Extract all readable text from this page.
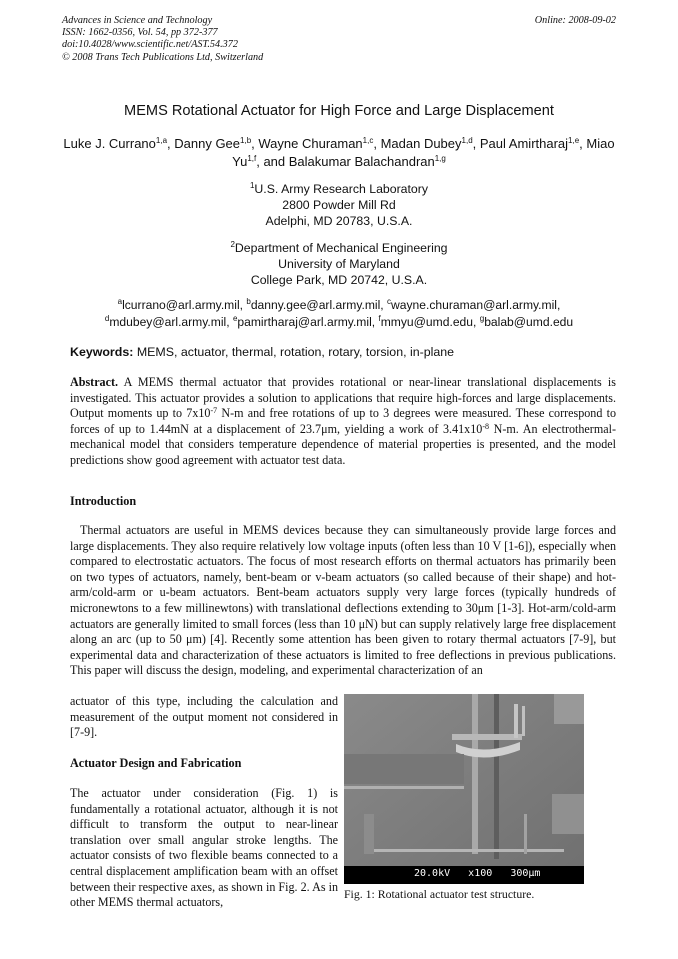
Advances in Science and Technology
ISSN: 1662-0356, Vol. 54, pp 372-377
doi:10.4028/www.scientific.net/AST.54.372
© 2008 Trans Tech Publications Ltd, Switzerland
Online: 2008-09-02
MEMS Rotational Actuator for High Force and Large Displacement
Luke J. Currano$^{1,a}$, Danny Gee$^{1,b}$, Wayne Churaman$^{1,c}$, Madan Dubey$^{1,d}$, Paul Amirtharaj$^{1,e}$, Miao Yu$^{1,f}$, and Balakumar Balachandran$^{1,g}$
$^1$U.S. Army Research Laboratory
2800 Powder Mill Rd
Adelphi, MD 20783, U.S.A.
$^2$Department of Mechanical Engineering
University of Maryland
College Park, MD 20742, U.S.A.
$^a$lcurrano@arl.army.mil, $^b$danny.gee@arl.army.mil, $^c$wayne.churaman@arl.army.mil,
$^d$mdubey@arl.army.mil, $^e$pamirtharaj@arl.army.mil, $^f$mmyu@umd.edu, $^g$balab@umd.edu
Keywords: MEMS, actuator, thermal, rotation, rotary, torsion, in-plane
Abstract. A MEMS thermal actuator that provides rotational or near-linear translational displacements is investigated. This actuator provides a solution to applications that require high-forces and large displacements. Output moments up to $7x10^{-7}$ N-m and free rotations of up to 3 degrees were measured. These correspond to forces of up to 1.44mN at a displacement of 23.7μm, yielding a work of $3.41x10^{-8}$ N-m. An electrothermal-mechanical model that considers temperature dependence of material properties is presented, and the model predictions show good agreement with actuator test data.
Introduction
Thermal actuators are useful in MEMS devices because they can simultaneously provide large forces and large displacements. They also require relatively low voltage inputs (often less than 10 V [1-6]), especially when compared to electrostatic actuators. The focus of most research efforts on thermal actuators has primarily been on two types of actuators, namely, bent-beam or v-beam actuators (so called because of their shape) and hot-arm/cold-arm or u-beam actuators. Bent-beam actuators supply very large forces (typically hundreds of micronewtons to a few millinewtons) with translational deflections extending to 30μm [1-3]. Hot-arm/cold-arm actuators are generally limited to small forces (less than 10 μN) but can supply relatively large free displacement along an arc (up to 50 μm) [4]. Recently some attention has been given to rotary thermal actuators [7-9], but experimental data and characterization of these actuators is limited to free deflections in previous publications. This paper will discuss the design, modeling, and experimental characterization of an
actuator of this type, including the calculation and measurement of the output moment not considered in [7-9].
Actuator Design and Fabrication
The actuator under consideration (Fig. 1) is fundamentally a rotational actuator, although it is not difficult to transform the output to near-linear translation over small angular stroke lengths. The actuator consists of two flexible beams connected to a central displacement amplification beam with an offset between their respective axes, as shown in Fig. 2. As in other MEMS thermal actuators,
20.0kV   x100   300μm
Fig. 1: Rotational actuator test structure.
